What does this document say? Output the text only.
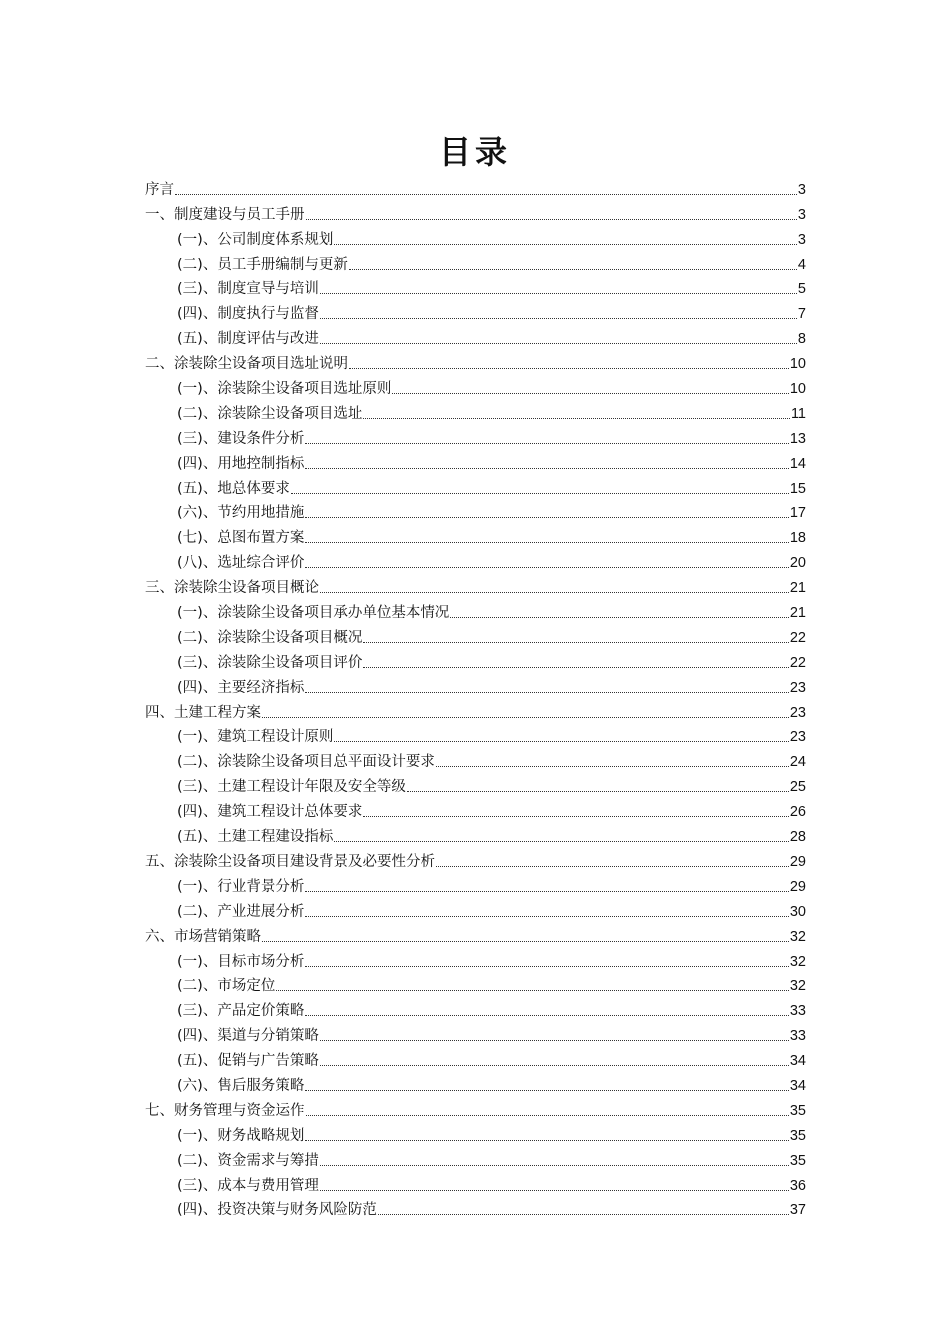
目录
序言	3
一、制度建设与员工手册	3
(一)、公司制度体系规划	3
(二)、员工手册编制与更新	4
(三)、制度宣导与培训	5
(四)、制度执行与监督	7
(五)、制度评估与改进	8
二、涂装除尘设备项目选址说明	10
(一)、涂装除尘设备项目选址原则	10
(二)、涂装除尘设备项目选址	11
(三)、建设条件分析	13
(四)、用地控制指标	14
(五)、地总体要求	15
(六)、节约用地措施	17
(七)、总图布置方案	18
(八)、选址综合评价	20
三、涂装除尘设备项目概论	21
(一)、涂装除尘设备项目承办单位基本情况	21
(二)、涂装除尘设备项目概况	22
(三)、涂装除尘设备项目评价	22
(四)、主要经济指标	23
四、土建工程方案	23
(一)、建筑工程设计原则	23
(二)、涂装除尘设备项目总平面设计要求	24
(三)、土建工程设计年限及安全等级	25
(四)、建筑工程设计总体要求	26
(五)、土建工程建设指标	28
五、涂装除尘设备项目建设背景及必要性分析	29
(一)、行业背景分析	29
(二)、产业进展分析	30
六、市场营销策略	32
(一)、目标市场分析	32
(二)、市场定位	32
(三)、产品定价策略	33
(四)、渠道与分销策略	33
(五)、促销与广告策略	34
(六)、售后服务策略	34
七、财务管理与资金运作	35
(一)、财务战略规划	35
(二)、资金需求与筹措	35
(三)、成本与费用管理	36
(四)、投资决策与财务风险防范	37
